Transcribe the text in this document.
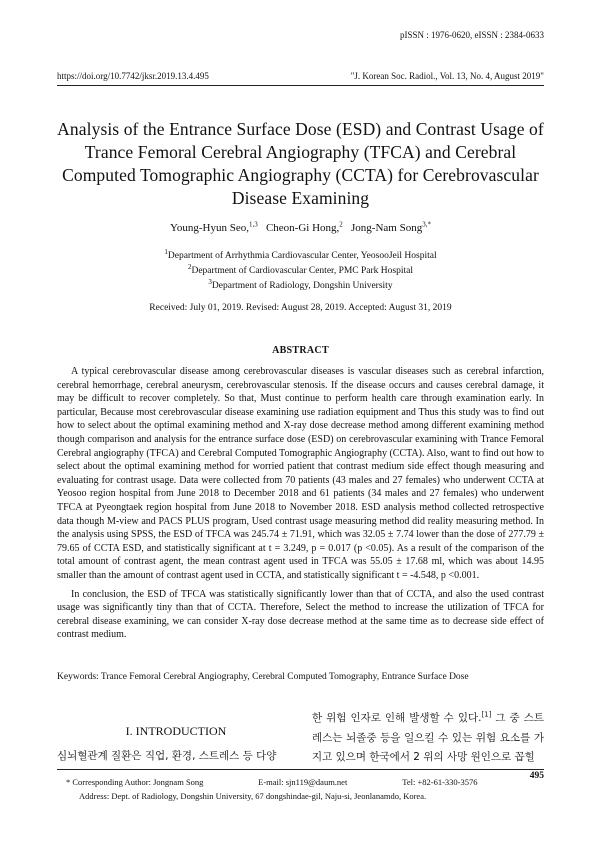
pISSN : 1976-0620, eISSN : 2384-0633
https://doi.org/10.7742/jksr.2019.13.4.495	"J. Korean Soc. Radiol., Vol. 13, No. 4, August 2019"
Analysis of the Entrance Surface Dose (ESD) and Contrast Usage of Trance Femoral Cerebral Angiography (TFCA) and Cerebral Computed Tomographic Angiography (CCTA) for Cerebrovascular Disease Examining
Young-Hyun Seo,$^{1,3}$ Cheon-Gi Hong,$^2$ Jong-Nam Song$^{3,*}$
$^1$Department of Arrhythmia Cardiovascular Center, YeosooJeil Hospital
$^2$Department of Cardiovascular Center, PMC Park Hospital
$^3$Department of Radiology, Dongshin University
Received: July 01, 2019. Revised: August 28, 2019. Accepted: August 31, 2019
ABSTRACT

A typical cerebrovascular disease among cerebrovascular diseases is vascular diseases such as cerebral infarction, cerebral hemorrhage, cerebral aneurysm, cerebrovascular stenosis. If the disease occurs and causes cerebral damage, it may be difficult to recover completely. So that, Must continue to perform health care through examination early. In particular, Because most cerebrovascular disease examining use radiation equipment and Thus this study was to find out how to select about the optimal examining method and X-ray dose decrease method among different examining method though comparison and analysis for the entrance surface dose (ESD) on cerebrovascular examining with Trance Femoral Cerebral angiography (TFCA) and Cerebral Computed Tomographic Angiography (CCTA). Also, want to find out how to select about the optimal examining method for worried patient that contrast medium side effect though measuring and evaluating for contrast usage. Data were collected from 70 patients (43 males and 27 females) who underwent CCTA at Yeosoo region hospital from June 2018 to December 2018 and 61 patients (34 males and 27 females) who underwent TFCA at Pyeongtaek region hospital from June 2018 to November 2018. ESD analysis method collected retrospective data though M-view and PACS PLUS program, Used contrast usage measuring method did reality measuring method. In the analysis using SPSS, the ESD of TFCA was 245.74 ± 71.91, which was 32.05 ± 7.74 lower than the dose of 277.79 ± 79.65 of CCTA ESD, and statistically significant at t = 3.249, p = 0.017 (p <0.05). As a result of the comparison of the total amount of contrast agent, the mean contrast agent used in TFCA was 55.05 ± 17.68 ml, which was about 14.95 smaller than the amount of contrast agent used in CCTA, and statistically significant t = -4.548, p <0.001.

In conclusion, the ESD of TFCA was statistically significantly lower than that of CCTA, and also the used contrast usage was significantly tiny than that of CCTA. Therefore, Select the method to increase the utilization of TFCA for cerebral disease examining, we can consider X-ray dose decrease method at the same time as to decrease side effect of contrast medium.

Keywords: Trance Femoral Cerebral Angiography, Cerebral Computed Tomography, Entrance Surface Dose
I. INTRODUCTION
심뇌혈관계 질환은 직업, 환경, 스트레스 등 다양
한 위험 인자로 인해 발생할 수 있다.[1] 그 중 스트레스는 뇌졸중 등을 일으킬 수 있는 위험 요소를 가지고 있으며 한국에서 2 위의 사망 원인으로 꼽힐
* Corresponding Author: Jongnam Song	E-mail: sjn119@daum.net	Tel: +82-61-330-3576
Address: Dept. of Radiology, Dongshin University, 67 dongshindae-gil, Naju-si, Jeonlanamdo, Korea.
495
